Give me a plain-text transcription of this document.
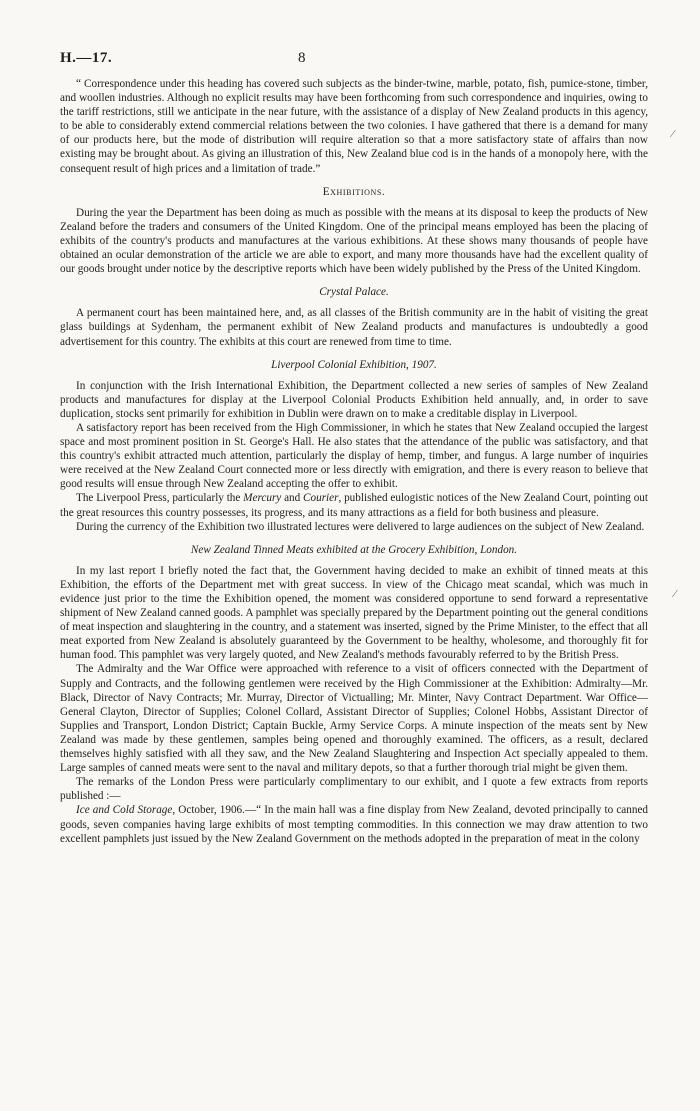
H.—17.	8

“ Correspondence under this heading has covered such subjects as the binder-twine, marble, potato, fish, pumice-stone, timber, and woollen industries. Although no explicit results may have been forthcoming from such correspondence and inquiries, owing to the tariff restrictions, still we anticipate in the near future, with the assistance of a display of New Zealand products in this agency, to be able to considerably extend commercial relations between the two colonies. I have gathered that there is a demand for many of our products here, but the mode of distribution will require alteration so that a more satisfactory state of affairs than now existing may be brought about. As giving an illustration of this, New Zealand blue cod is in the hands of a monopoly here, with the consequent result of high prices and a limitation of trade.”

Exhibitions.

During the year the Department has been doing as much as possible with the means at its disposal to keep the products of New Zealand before the traders and consumers of the United Kingdom. One of the principal means employed has been the placing of exhibits of the country's products and manufactures at the various exhibitions. At these shows many thousands of people have obtained an ocular demonstration of the article we are able to export, and many more thousands have had the excellent quality of our goods brought under notice by the descriptive reports which have been widely published by the Press of the United Kingdom.

Crystal Palace.

A permanent court has been maintained here, and, as all classes of the British community are in the habit of visiting the great glass buildings at Sydenham, the permanent exhibit of New Zealand products and manufactures is undoubtedly a good advertisement for this country. The exhibits at this court are renewed from time to time.

Liverpool Colonial Exhibition, 1907.

In conjunction with the Irish International Exhibition, the Department collected a new series of samples of New Zealand products and manufactures for display at the Liverpool Colonial Products Exhibition held annually, and, in order to save duplication, stocks sent primarily for exhibition in Dublin were drawn on to make a creditable display in Liverpool.

A satisfactory report has been received from the High Commissioner, in which he states that New Zealand occupied the largest space and most prominent position in St. George's Hall. He also states that the attendance of the public was satisfactory, and that this country's exhibit attracted much attention, particularly the display of hemp, timber, and fungus. A large number of inquiries were received at the New Zealand Court connected more or less directly with emigration, and there is every reason to believe that good results will ensue through New Zealand accepting the offer to exhibit.

The Liverpool Press, particularly the Mercury and Courier, published eulogistic notices of the New Zealand Court, pointing out the great resources this country possesses, its progress, and its many attractions as a field for both business and pleasure.

During the currency of the Exhibition two illustrated lectures were delivered to large audiences on the subject of New Zealand.

New Zealand Tinned Meats exhibited at the Grocery Exhibition, London.

In my last report I briefly noted the fact that, the Government having decided to make an exhibit of tinned meats at this Exhibition, the efforts of the Department met with great success. In view of the Chicago meat scandal, which was much in evidence just prior to the time the Exhibition opened, the moment was considered opportune to send forward a representative shipment of New Zealand canned goods. A pamphlet was specially prepared by the Department pointing out the general conditions of meat inspection and slaughtering in the country, and a statement was inserted, signed by the Prime Minister, to the effect that all meat exported from New Zealand is absolutely guaranteed by the Government to be healthy, wholesome, and thoroughly fit for human food. This pamphlet was very largely quoted, and New Zealand's methods favourably referred to by the British Press.

The Admiralty and the War Office were approached with reference to a visit of officers connected with the Department of Supply and Contracts, and the following gentlemen were received by the High Commissioner at the Exhibition: Admiralty—Mr. Black, Director of Navy Contracts; Mr. Murray, Director of Victualling; Mr. Minter, Navy Contract Department. War Office—General Clayton, Director of Supplies; Colonel Collard, Assistant Director of Supplies; Colonel Hobbs, Assistant Director of Supplies and Transport, London District; Captain Buckle, Army Service Corps. A minute inspection of the meats sent by New Zealand was made by these gentlemen, samples being opened and thoroughly examined. The officers, as a result, declared themselves highly satisfied with all they saw, and the New Zealand Slaughtering and Inspection Act specially appealed to them. Large samples of canned meats were sent to the naval and military depots, so that a further thorough trial might be given them.

The remarks of the London Press were particularly complimentary to our exhibit, and I quote a few extracts from reports published :—

Ice and Cold Storage, October, 1906.—“ In the main hall was a fine display from New Zealand, devoted principally to canned goods, seven companies having large exhibits of most tempting commodities. In this connection we may draw attention to two excellent pamphlets just issued by the New Zealand Government on the methods adopted in the preparation of meat in the colony

⁄
⁄
